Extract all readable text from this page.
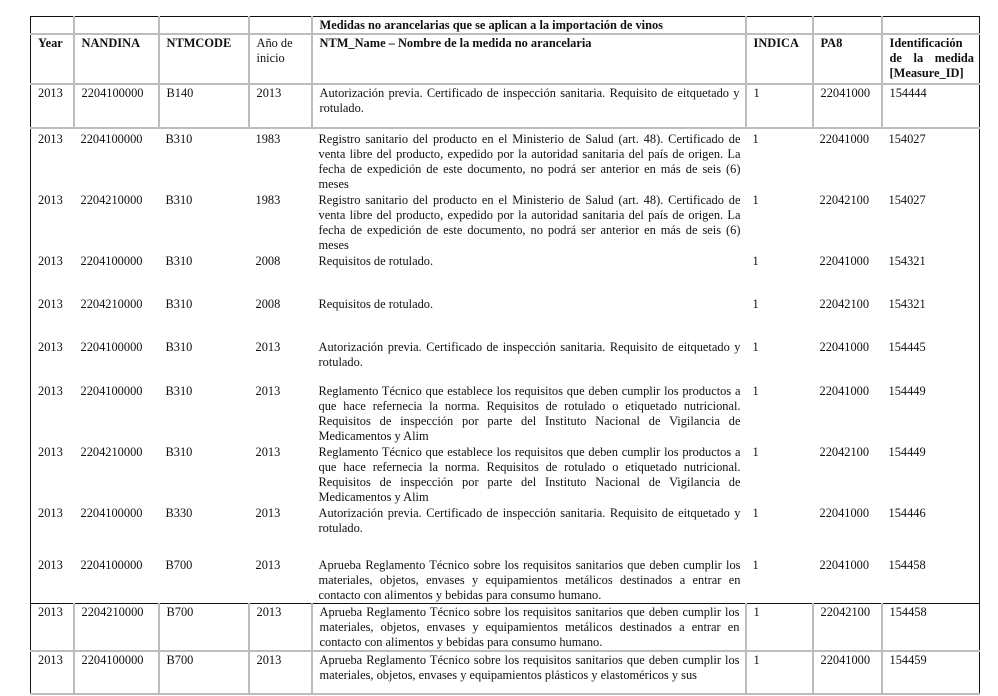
				Medidas no arancelarias que se aplican a la importación de vinos			
Year	NANDINA	NTMCODE	Año de inicio	NTM_Name – Nombre de la medida no arancelaria	INDICA	PA8	Identificación de la medida [Measure_ID]
2013	2204100000	B140	2013	Autorización previa. Certificado de inspección sanitaria. Requisito de eitquetado y rotulado.	1	22041000	154444
2013	2204100000	B310	1983	Registro sanitario del producto en el Ministerio de Salud (art. 48). Certificado de venta libre del producto, expedido por la autoridad sanitaria del país de origen. La fecha de expedición de este documento, no podrá ser anterior en más de seis (6) meses	1	22041000	154027
2013	2204210000	B310	1983	Registro sanitario del producto en el Ministerio de Salud (art. 48). Certificado de venta libre del producto, expedido por la autoridad sanitaria del país de origen. La fecha de expedición de este documento, no podrá ser anterior en más de seis (6) meses	1	22042100	154027
2013	2204100000	B310	2008	Requisitos de rotulado.	1	22041000	154321
2013	2204210000	B310	2008	Requisitos de rotulado.	1	22042100	154321
2013	2204100000	B310	2013	Autorización previa. Certificado de inspección sanitaria. Requisito de eitquetado y rotulado.	1	22041000	154445
2013	2204100000	B310	2013	Reglamento Técnico que establece los requisitos que deben cumplir los productos a que hace refernecia la norma. Requisitos de rotulado o etiquetado nutricional. Requisitos de inspección por parte del Instituto Nacional de Vigilancia de Medicamentos y Alim	1	22041000	154449
2013	2204210000	B310	2013	Reglamento Técnico que establece los requisitos que deben cumplir los productos a que hace refernecia la norma. Requisitos de rotulado o etiquetado nutricional. Requisitos de inspección por parte del Instituto Nacional de Vigilancia de Medicamentos y Alim	1	22042100	154449
2013	2204100000	B330	2013	Autorización previa. Certificado de inspección sanitaria. Requisito de eitquetado y rotulado.	1	22041000	154446
2013	2204100000	B700	2013	Aprueba Reglamento Técnico sobre los requisitos sanitarios que deben cumplir los materiales, objetos, envases y equipamientos metálicos destinados a entrar en contacto con alimentos y bebidas para consumo humano.	1	22041000	154458
2013	2204210000	B700	2013	Aprueba Reglamento Técnico sobre los requisitos sanitarios que deben cumplir los materiales, objetos, envases y equipamientos metálicos destinados a entrar en contacto con alimentos y bebidas para consumo humano.	1	22042100	154458
2013	2204100000	B700	2013	Aprueba Reglamento Técnico sobre los requisitos sanitarios que deben cumplir los materiales, objetos, envases y equipamientos plásticos y elastoméricos y sus	1	22041000	154459
